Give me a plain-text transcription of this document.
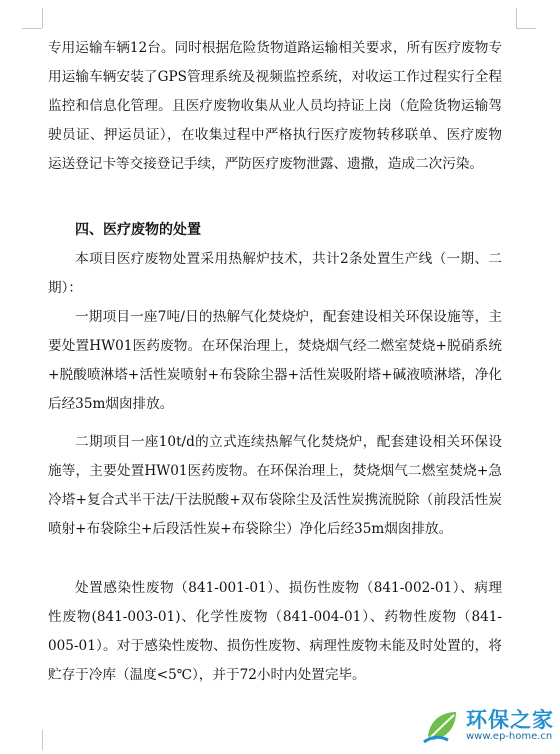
专用运输车辆12台。同时根据危险货物道路运输相关要求，所有医疗废物专用运输车辆安装了GPS管理系统及视频监控系统，对收运工作过程实行全程监控和信息化管理。且医疗废物收集从业人员均持证上岗（危险货物运输驾驶员证、押运员证），在收集过程中严格执行医疗废物转移联单、医疗废物运送登记卡等交接登记手续，严防医疗废物泄露、遗撒，造成二次污染。

四、医疗废物的处置

本项目医疗废物处置采用热解炉技术，共计2条处置生产线（一期、二期）：

一期项目一座7吨/日的热解气化焚烧炉，配套建设相关环保设施等，主要处置HW01医药废物。在环保治理上，焚烧烟气经二燃室焚烧+脱硝系统+脱酸喷淋塔+活性炭喷射+布袋除尘器+活性炭吸附塔+碱液喷淋塔，净化后经35m烟囱排放。

二期项目一座10t/d的立式连续热解气化焚烧炉，配套建设相关环保设施等，主要处置HW01医药废物。在环保治理上，焚烧烟气二燃室焚烧+急冷塔+复合式半干法/干法脱酸+双布袋除尘及活性炭携流脱除（前段活性炭喷射+布袋除尘+后段活性炭+布袋除尘）净化后经35m烟囱排放。

处置感染性废物（841-001-01）、损伤性废物（841-002-01）、病理性废物(841-003-01)、化学性废物（841-004-01）、药物性废物（841-005-01）。对于感染性废物、损伤性废物、病理性废物未能及时处置的，将贮存于冷库（温度<5℃），并于72小时内处置完毕。

环保之家
www.ep-home.cn
